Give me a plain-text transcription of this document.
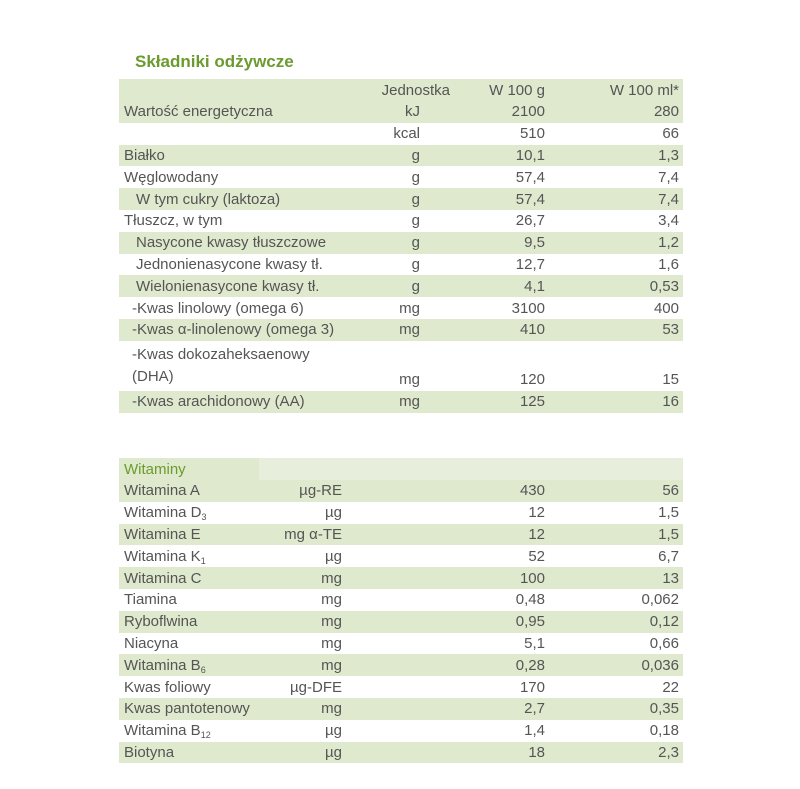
Składniki odżywcze
	Jednostka	W 100 g	W 100 ml*
Wartość energetyczna	kJ	2100	280
	kcal	510	66
Białko	g	10,1	1,3
Węglowodany	g	57,4	7,4
W tym cukry (laktoza)	g	57,4	7,4
Tłuszcz, w tym	g	26,7	3,4
Nasycone kwasy tłuszczowe	g	9,5	1,2
Jednonienasycone kwasy tł.	g	12,7	1,6
Wielonienasycone kwasy tł.	g	4,1	0,53
-Kwas linolowy (omega 6)	mg	3100	400
-Kwas α-linolenowy (omega 3)	mg	410	53
-Kwas dokozaheksaenowy
(DHA)	mg	120	15
-Kwas arachidonowy (AA)	mg	125	16
Witaminy			
Witamina A	µg-RE	430	56
Witamina $D_3$	µg	12	1,5
Witamina E	mg α-TE	12	1,5
Witamina $K_1$	µg	52	6,7
Witamina C	mg	100	13
Tiamina	mg	0,48	0,062
Ryboflwina	mg	0,95	0,12
Niacyna	mg	5,1	0,66
Witamina $B_6$	mg	0,28	0,036
Kwas foliowy	µg-DFE	170	22
Kwas pantotenowy	mg	2,7	0,35
Witamina $B_{12}$	µg	1,4	0,18
Biotyna	µg	18	2,3
